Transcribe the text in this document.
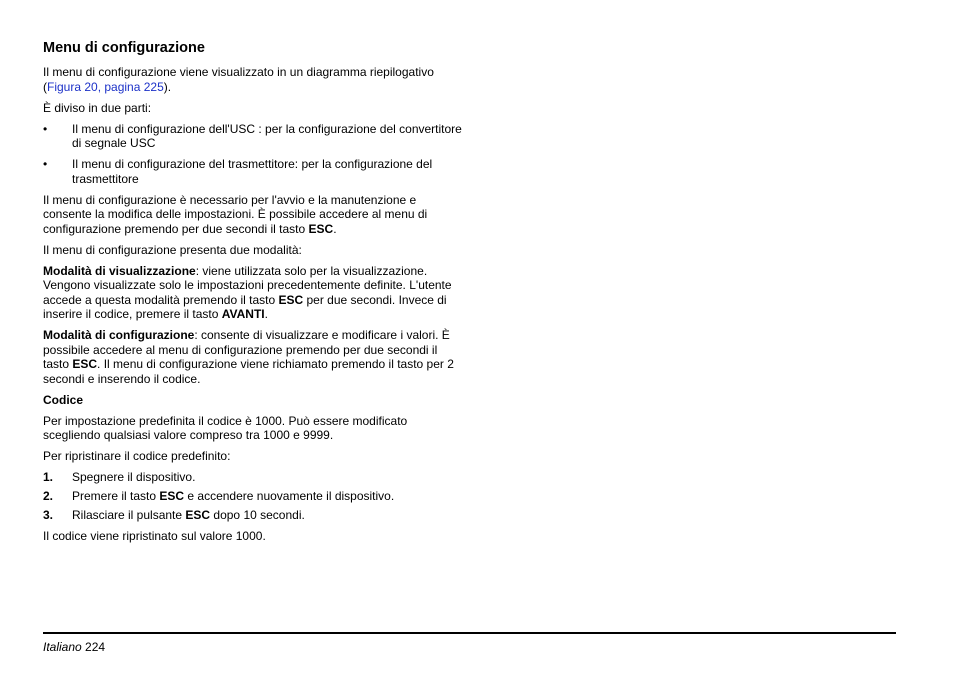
Menu di configurazione

Il menu di configurazione viene visualizzato in un diagramma riepilogativo (Figura 20, pagina 225).

È diviso in due parti:

• Il menu di configurazione dell'USC : per la configurazione del convertitore di segnale USC
• Il menu di configurazione del trasmettitore: per la configurazione del trasmettitore

Il menu di configurazione è necessario per l'avvio e la manutenzione e consente la modifica delle impostazioni. È possibile accedere al menu di configurazione premendo per due secondi il tasto ESC.

Il menu di configurazione presenta due modalità:

Modalità di visualizzazione: viene utilizzata solo per la visualizzazione. Vengono visualizzate solo le impostazioni precedentemente definite. L'utente accede a questa modalità premendo il tasto ESC per due secondi. Invece di inserire il codice, premere il tasto AVANTI.

Modalità di configurazione: consente di visualizzare e modificare i valori. È possibile accedere al menu di configurazione premendo per due secondi il tasto ESC. Il menu di configurazione viene richiamato premendo il tasto per 2 secondi e inserendo il codice.

Codice

Per impostazione predefinita il codice è 1000. Può essere modificato scegliendo qualsiasi valore compreso tra 1000 e 9999.

Per ripristinare il codice predefinito:

1. Spegnere il dispositivo.
2. Premere il tasto ESC e accendere nuovamente il dispositivo.
3. Rilasciare il pulsante ESC dopo 10 secondi.

Il codice viene ripristinato sul valore 1000.

Italiano 224
